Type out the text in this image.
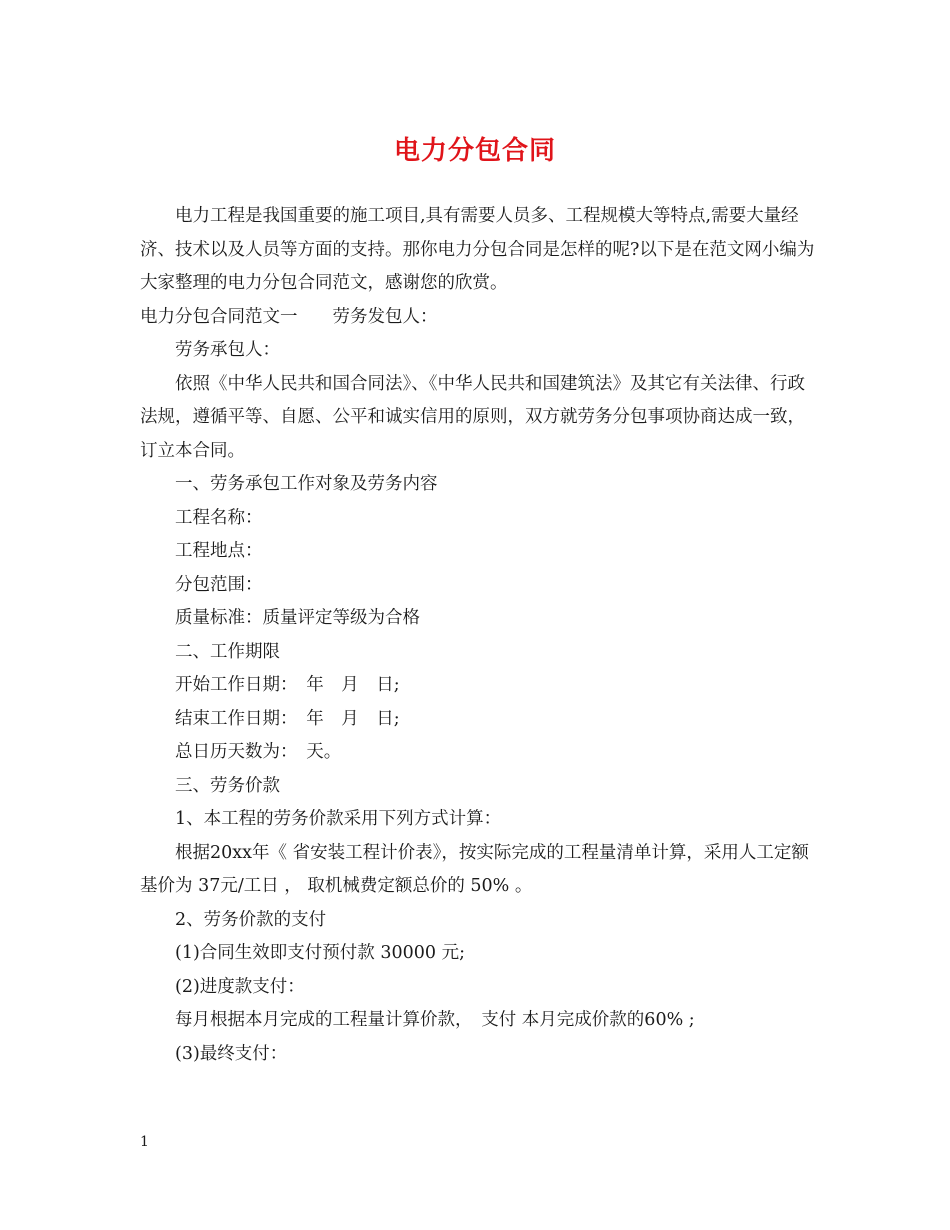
电力分包合同

电力工程是我国重要的施工项目,具有需要人员多、工程规模大等特点,需要大量经济、技术以及人员等方面的支持。那你电力分包合同是怎样的呢?以下是在范文网小编为大家整理的电力分包合同范文，感谢您的欣赏。

电力分包合同范文一　　劳务发包人：

劳务承包人：

依照《中华人民共和国合同法》、《中华人民共和国建筑法》及其它有关法律、行政法规，遵循平等、自愿、公平和诚实信用的原则，双方就劳务分包事项协商达成一致，订立本合同。

一、劳务承包工作对象及劳务内容

工程名称：

工程地点：

分包范围：

质量标准：质量评定等级为合格

二、工作期限

开始工作日期：　年　月　日;

结束工作日期：　年　月　日;

总日历天数为：　天。

三、劳务价款

1、本工程的劳务价款采用下列方式计算：

根据20xx年《 省安装工程计价表》，按实际完成的工程量清单计算，采用人工定额基价为 37元/工日 ， 取机械费定额总价的 50% 。

2、劳务价款的支付

(1)合同生效即支付预付款 30000 元;

(2)进度款支付：

每月根据本月完成的工程量计算价款，　支付 本月完成价款的60% ;

(3)最终支付：

1
